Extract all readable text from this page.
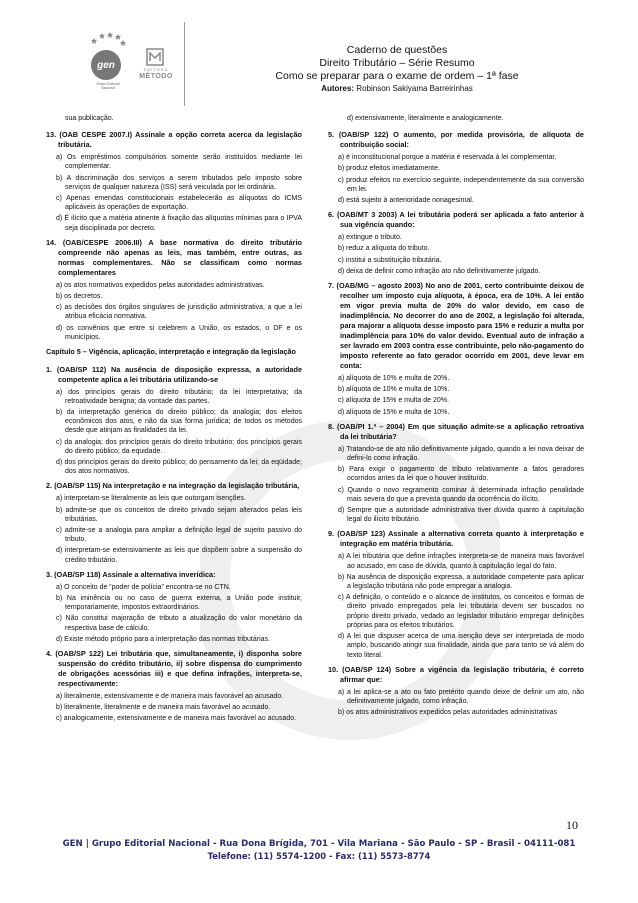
gen
Grupo Editorial Nacional
EDITORA
MÉTODO
Caderno de questões
Direito Tributário – Série Resumo
Como se preparar para o exame de ordem – 1ª fase
Autores: Robinson Sakiyama Barreirinhas
sua publicação.
13. (OAB CESPE 2007.I) Assinale a opção correta acerca da legislação tributária.
a) Os empréstimos compulsórios somente serão instituídos mediante lei complementar.
b) A discriminação dos serviços a serem tributados pelo imposto sobre serviços de qualquer natureza (ISS) será veiculada por lei ordinária.
c) Apenas emendas constitucionais estabelecerão as alíquotas do ICMS aplicáveis às operações de exportação.
d) É ilícito que a matéria atinente à fixação das alíquotas mínimas para o IPVA seja disciplinada por decreto.
14. (OAB/CESPE 2006.III) A base normativa do direito tributário compreende não apenas as leis, mas também, entre outras, as normas complementares. Não se classificam como normas complementares
a) os atos normativos expedidos pelas autoridades administrativas.
b) os decretos.
c) as decisões dos órgãos singulares de jurisdição administrativa, a que a lei atribua eficácia normativa.
d) os convênios que entre si celebrem a União, os estados, o DF e os municípios.
Capítulo 5 – Vigência, aplicação, interpretação e integração da legislação
1. (OAB/SP 112) Na ausência de disposição expressa, a autoridade competente aplica a lei tributária utilizando-se
a) dos princípios gerais do direito tributário; da lei interpretativa; da retroatividade benigna; da vontade das partes.
b) da interpretação genérica do direito público; da analogia; dos efeitos econômicos dos atos, e não da sua forma jurídica; de todos os métodos desde que atinjam as finalidades da lei.
c) da analogia; dos princípios gerais do direito tributário; dos princípios gerais do direito público; da equidade.
d) dos princípios gerais do direito público; do pensamento da lei; da eqüidade; dos atos normativos.
2. (OAB/SP 115) Na interpretação e na integração da legislação tributária,
a) interpretam-se literalmente as leis que outorgam isenções.
b) admite-se que os conceitos de direito privado sejam alterados pelas leis tributárias.
c) admite-se a analogia para ampliar a definição legal de sujeito passivo do tributo.
d) interpretam-se extensivamente as leis que dispõem sobre a suspensão do crédito tributário.
3. (OAB/SP 118) Assinale a alternativa inverídica:
a) O conceito de “poder de polícia” encontra-se no CTN.
b) Na iminência ou no caso de guerra externa, a União pode instituir, temporariamente, impostos extraordinários.
c) Não constitui majoração de tributo a atualização do valor monetário da respectiva base de cálculo.
d) Existe método próprio para a interpretação das normas tributárias.
4. (OAB/SP 122) Lei tributária que, simultaneamente, i) disponha sobre suspensão do crédito tributário, ii) sobre dispensa do cumprimento de obrigações acessórias iii) e que defina infrações, interpreta-se, respectivamente:
a) literalmente, extensivamente e de maneira mais favorável ao acusado.
b) literalmente, literalmente e de maneira mais favorável ao acusado.
c) analogicamente, extensivamente e de maneira mais favorável ao acusado.
d) extensivamente, literalmente e analogicamente.
5. (OAB/SP 122) O aumento, por medida provisória, de alíquota de contribuição social:
a) é inconstitucional porque a matéria é reservada à lei complementar.
b) produz efeitos imediatamente.
c) produz efeitos no exercício seguinte, independentemente da sua conversão em lei.
d) está sujeito à anterioridade nonagesimal.
6. (OAB/MT 3 2003) A lei tributária poderá ser aplicada a fato anterior à sua vigência quando:
a) extingue o tributo.
b) reduz a alíquota do tributo.
c) institui a substituição tributária.
d) deixa de definir como infração ato não definitivamente julgado.
7. (OAB/MG – agosto 2003) No ano de 2001, certo contribuinte deixou de recolher um imposto cuja alíquota, à época, era de 10%. A lei então em vigor previa multa de 20% do valor devido, em caso de inadimplência. No decorrer do ano de 2002, a legislação foi alterada, para majorar a alíquota desse imposto para 15% e reduzir a multa por inadimplência para 10% do valor devido. Eventual auto de infração a ser lavrado em 2003 contra esse contribuinte, pelo não-pagamento do imposto referente ao fato gerador ocorrido em 2001, deve levar em conta:
a) alíquota de 10% e multa de 20%.
b) alíquota de 10% e multa de 10%.
c) alíquota de 15% e multa de 20%.
d) alíquota de 15% e multa de 10%.
8. (OAB/PI 1.ª – 2004) Em que situação admite-se a aplicação retroativa da lei tributária?
a) Tratando-se de ato não definitivamente julgado, quando a lei nova deixar de defini-lo como infração.
b) Para exigir o pagamento de tributo relativamente a fatos geradores ocorridos antes da lei que o houver instituído.
c) Quando o novo regramento cominar à determinada infração penalidade mais severa do que a prevista quando da ocorrência do ilícito.
d) Sempre que a autoridade administrativa tiver dúvida quanto à capitulação legal do ilícito tributário.
9. (OAB/SP 123) Assinale a alternativa correta quanto à interpretação e integração em matéria tributária.
a) A lei tributária que define infrações interpreta-se de maneira mais favorável ao acusado, em caso de dúvida, quanto à capitulação legal do fato.
b) Na ausência de disposição expressa, a autoridade competente para aplicar a legislação tributária não pode empregar a analogia.
c) A definição, o conteúdo e o alcance de institutos, os conceitos e formas de direito privado empregados pela lei tributária devem ser buscados no próprio direito privado, vedado ao legislador tributário empregar definições próprias para os efeitos tributários.
d) A lei que dispuser acerca de uma isenção deve ser interpretada de modo amplo, buscando atingir sua finalidade, ainda que para tanto se vá além do texto literal.
10. (OAB/SP 124) Sobre a vigência da legislação tributária, é correto afirmar que:
a) a lei aplica-se a ato ou fato pretérito quando deixe de definir um ato, não definitivamente julgado, como infração.
b) os atos administrativos expedidos pelas autoridades administrativas
10
GEN | Grupo Editorial Nacional - Rua Dona Brígida, 701 - Vila Mariana - São Paulo - SP - Brasil - 04111-081
Telefone: (11) 5574-1200 - Fax: (11) 5573-8774
